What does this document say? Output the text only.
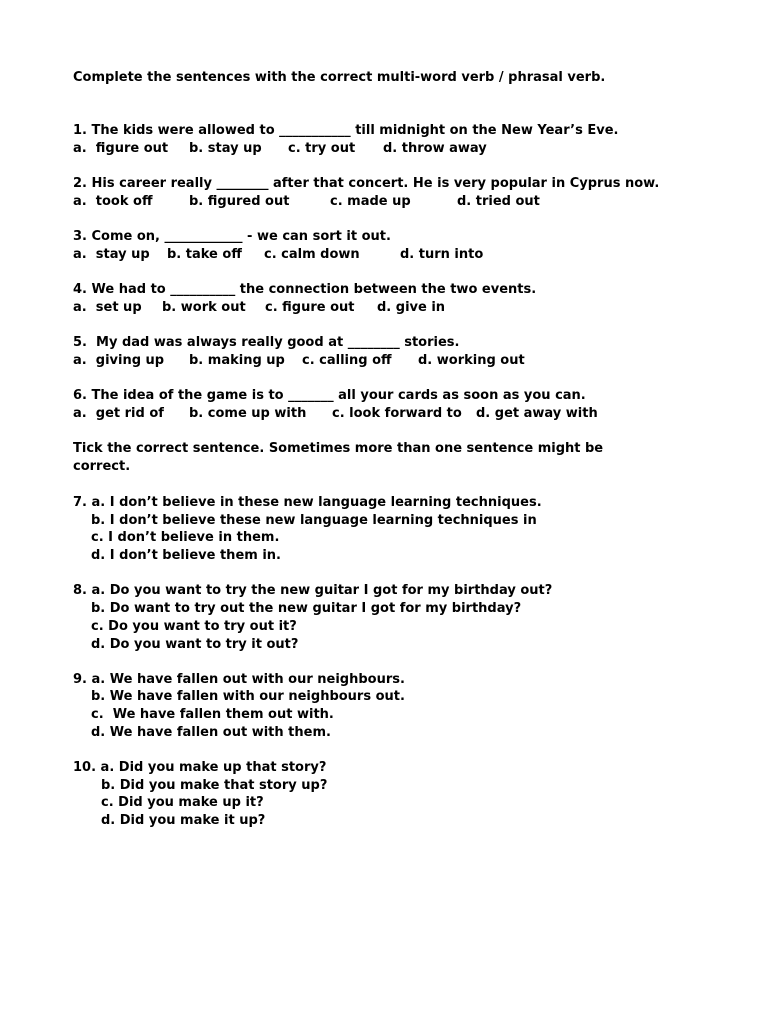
Complete the sentences with the correct multi-word verb / phrasal verb.
1. The kids were allowed to ___________ till midnight on the New Year’s Eve.
a.  figure out b. stay up c. try out d. throw away
2. His career really ________ after that concert. He is very popular in Cyprus now.
a.  took off	b. figured out	c. made up	d. tried out
3. Come on, ____________ - we can sort it out.
a.  stay up b. take off c. calm down	d. turn into
4. We had to __________ the connection between the two events.
a.  set up b. work out c. figure out d. give in
5.  My dad was always really good at ________ stories.
a.  giving up b. making up c. calling off d. working out
6. The idea of the game is to _______ all your cards as soon as you can.
a.  get rid of b. come up with c. look forward to d. get away with
Tick the correct sentence. Sometimes more than one sentence might be
correct.
7. a. I don’t believe in these new language learning techniques.
b. I don’t believe these new language learning techniques in
c. I don’t believe in them.
d. I don’t believe them in.
8. a. Do you want to try the new guitar I got for my birthday out?
b. Do want to try out the new guitar I got for my birthday?
c. Do you want to try out it?
d. Do you want to try it out?
9. a. We have fallen out with our neighbours.
b. We have fallen with our neighbours out.
c.  We have fallen them out with.
d. We have fallen out with them.
10. a. Did you make up that story?
b. Did you make that story up?
c. Did you make up it?
d. Did you make it up?
